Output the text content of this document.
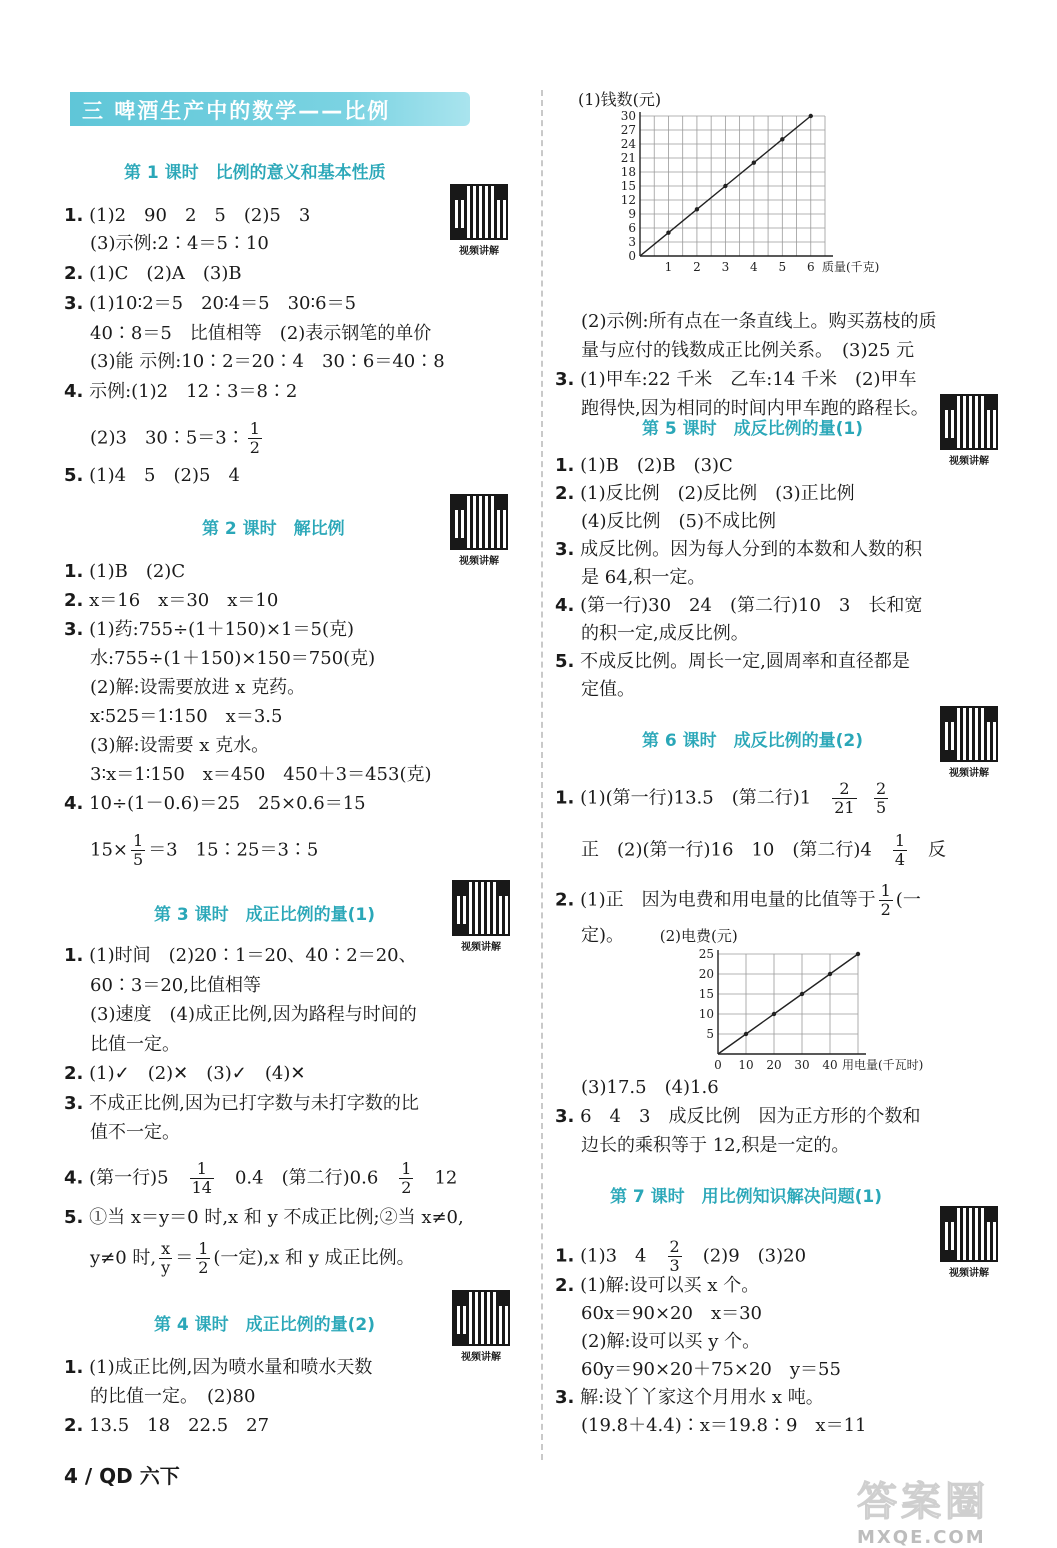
三 啤酒生产中的数学——比例
第 1 课时　比例的意义和基本性质
视频讲解
1. (1)2　90　2　5　(2)5　3
(3)示例:2∶4＝5∶10
2. (1)C　(2)A　(3)B
3. (1)10∶2＝5　20∶4＝5　30∶6＝5
40∶8＝5　比值相等　(2)表示钢笔的单价
(3)能 示例:10∶2＝20∶4　30∶6＝40∶8
4. 示例:(1)2　12∶3＝8∶2
(2)3　30∶5＝3∶ $\frac{1}{2}$
5. (1)4　5　(2)5　4
第 2 课时　解比例
视频讲解
1. (1)B　(2)C
2. x＝16　x＝30　x＝10
3. (1)药:755÷(1＋150)×1＝5(克)
水:755÷(1＋150)×150＝750(克)
(2)解:设需要放进 x 克药。
x∶525＝1∶150　x＝3.5
(3)解:设需要 x 克水。
3∶x＝1∶150　x＝450　450＋3＝453(克)
4. 10÷(1－0.6)＝25　25×0.6＝15
$15\times \frac{1}{5} =3$　15∶25＝3∶5
第 3 课时　成正比例的量(1)
视频讲解
1. (1)时间　(2)20∶1＝20、40∶2＝20、
60∶3＝20,比值相等
(3)速度　(4)成正比例,因为路程与时间的
比值一定。
2. (1)✓　(2)✕　(3)✓　(4)✕
3. 不成正比例,因为已打字数与未打字数的比
值不一定。
4. (第一行)5　 $\frac{1}{14}$ 　0.4　(第二行)0.6　 $\frac{1}{2}$ 　12
5. ①当 x＝y＝0 时,x 和 y 不成正比例;②当 x≠0,
y≠0 时, $\frac{x}{y} = \frac{1}{2}$ (一定),x 和 y 成正比例。
第 4 课时　成正比例的量(2)
视频讲解
1. (1)成正比例,因为喷水量和喷水天数
的比值一定。　(2)80
2. 13.5　18　22.5　27
(1)钱数(元)
0
3
6
9
12
15
18
21
24
27
30
1 2 3 4 5 6 质量(千克)
(2)示例:所有点在一条直线上。购买荔枝的质
量与应付的钱数成正比例关系。　(3)25 元
3. (1)甲车:22 千米　乙车:14 千米　(2)甲车
跑得快,因为相同的时间内甲车跑的路程长。
第 5 课时　成反比例的量(1)
视频讲解
1. (1)B　(2)B　(3)C
2. (1)反比例　(2)反比例　(3)正比例
(4)反比例　(5)不成比例
3. 成反比例。因为每人分到的本数和人数的积
是 64,积一定。
4. (第一行)30　24　(第二行)10　3　长和宽
的积一定,成反比例。
5. 不成反比例。周长一定,圆周率和直径都是
定值。
第 6 课时　成反比例的量(2)
视频讲解
1. (1)(第一行)13.5　(第二行)1　 $\frac{2}{21}$
$\frac{2}{5}$
正　(2)(第一行)16　10　(第二行)4　 $\frac{1}{4}$ 　反
2. (1)正　因为电费和用电量的比值等于 $\frac{1}{2}$ (一
定)。 (2)电费(元)
5
10
15
20
25
0 10 20 30 40 用电量(千瓦时)
(3)17.5　(4)1.6
3. 6　4　3　成反比例　因为正方形的个数和
边长的乘积等于 12,积是一定的。
第 7 课时　用比例知识解决问题(1)
视频讲解
1. (1)3　4　 $\frac{2}{3}$ 　(2)9　(3)20
2. (1)解:设可以买 x 个。
60x＝90×20　x＝30
(2)解:设可以买 y 个。
60y＝90×20＋75×20　y＝55
3. 解:设丫丫家这个月用水 x 吨。
(19.8＋4.4)∶x＝19.8∶9　x＝11
4 / QD 六下
答案圈
MXQE.COM
